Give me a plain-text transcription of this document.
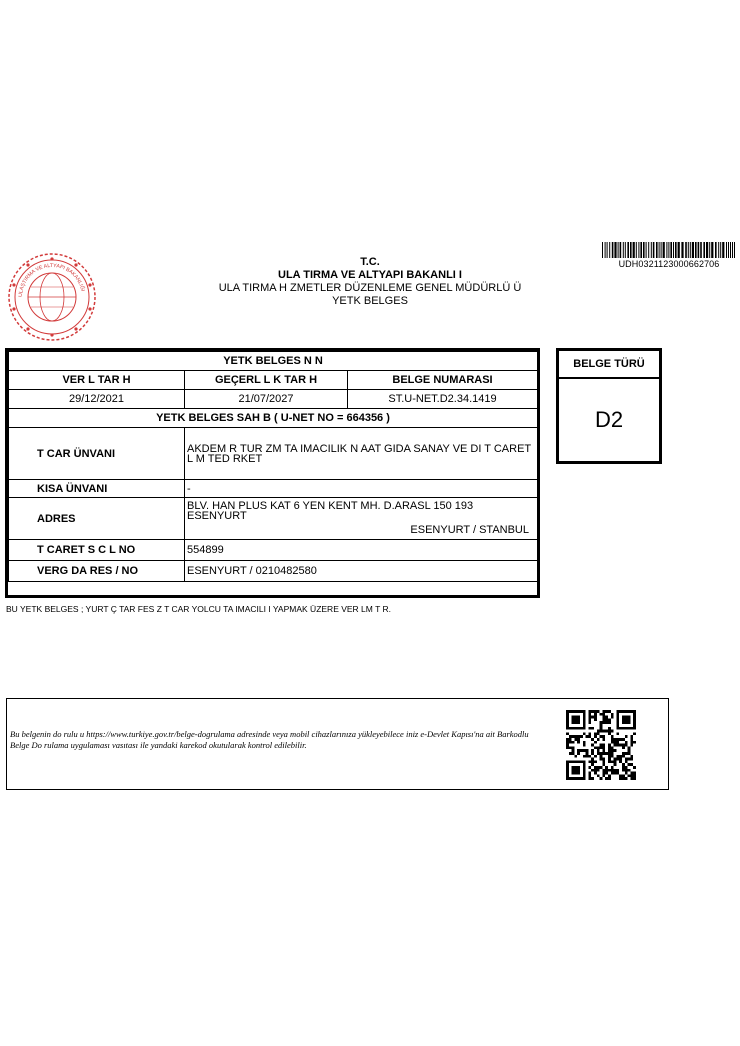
ULAŞTIRMA VE ALTYAPI BAKANLIĞI
T.C.
ULA TIRMA VE ALTYAPI BAKANLI I
ULA TIRMA H ZMETLER DÜZENLEME GENEL MÜDÜRLÜ Ü
YETK BELGES
UDH0321123000662706
YETK BELGES N N		
VER L TAR H	GEÇERL L K TAR H	BELGE NUMARASI
29/12/2021	21/07/2027	ST.U-NET.D2.34.1419
YETK BELGES SAH B ( U-NET NO = 664356 )		
T CAR ÜNVANI	AKDEM R TUR ZM TA IMACILIK N AAT GIDA SANAY VE DI T CARET L M TED RKET	
KISA ÜNVANI	-	
ADRES	BLV. HAN PLUS KAT 6 YEN KENT MH. D.ARASL 150 193
ESENYURT
ESENYURT / STANBUL	

T CARET S C L NO	554899	
VERG DA RES / NO	ESENYURT / 0210482580	
BELGE TÜRÜ
D2
BU YETK BELGES ; YURT Ç TAR FES Z T CAR YOLCU TA IMACILI I YAPMAK ÜZERE VER LM T R.
Bu belgenin do rulu u https://www.turkiye.gov.tr/belge-dogrulama adresinde veya mobil cihazlarınıza yükleyebilece iniz e-Devlet Kapısı'na ait Barkodlu Belge Do rulama uygulaması vasıtası ile yandaki karekod okutularak kontrol edilebilir.
